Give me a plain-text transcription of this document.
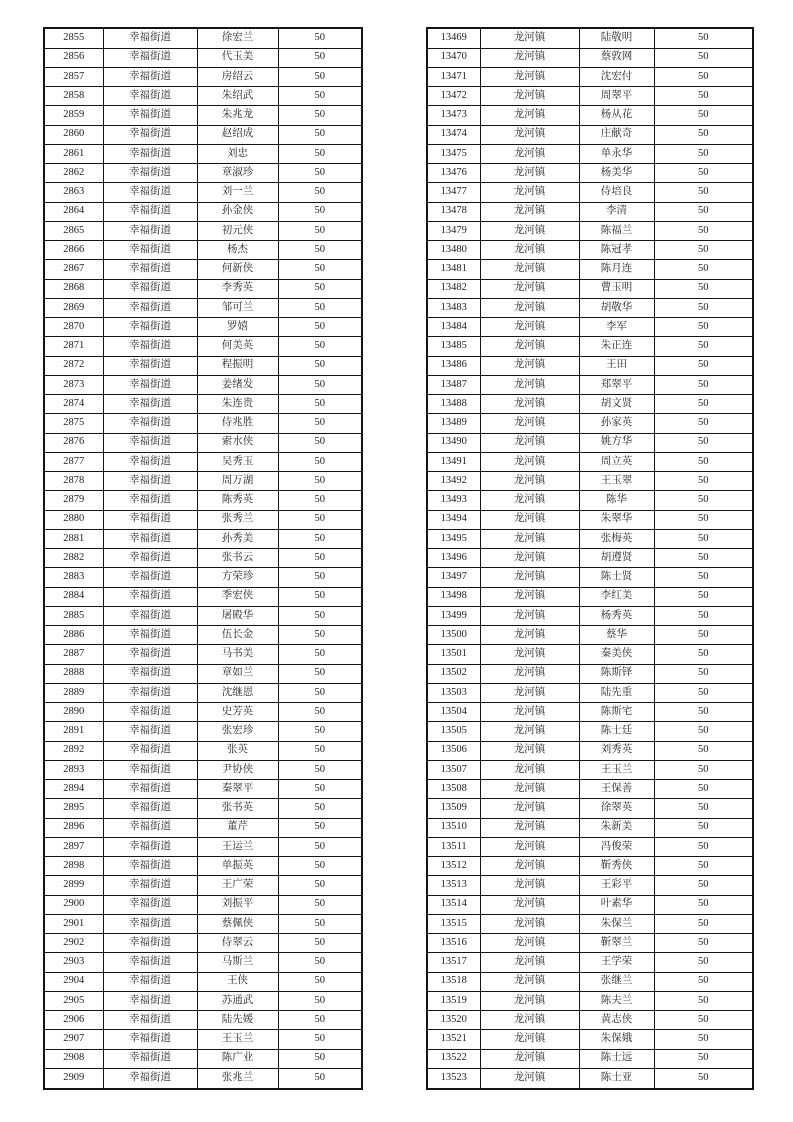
2855	幸福街道	徐宏兰	50
2856	幸福街道	代玉美	50
2857	幸福街道	房绍云	50
2858	幸福街道	朱绍武	50
2859	幸福街道	朱兆龙	50
2860	幸福街道	赵绍成	50
2861	幸福街道	刘忠	50
2862	幸福街道	章淑珍	50
2863	幸福街道	刘一兰	50
2864	幸福街道	孙金侠	50
2865	幸福街道	初元侠	50
2866	幸福街道	杨杰	50
2867	幸福街道	何新侠	50
2868	幸福街道	李秀英	50
2869	幸福街道	邹可兰	50
2870	幸福街道	罗嬉	50
2871	幸福街道	何美英	50
2872	幸福街道	程振明	50
2873	幸福街道	姜绪发	50
2874	幸福街道	朱连贵	50
2875	幸福街道	侍兆胜	50
2876	幸福街道	索水侠	50
2877	幸福街道	吴秀玉	50
2878	幸福街道	周万湖	50
2879	幸福街道	陈秀英	50
2880	幸福街道	张秀兰	50
2881	幸福街道	孙秀美	50
2882	幸福街道	张书云	50
2883	幸福街道	方荣珍	50
2884	幸福街道	季宏侠	50
2885	幸福街道	屠殿华	50
2886	幸福街道	伍长金	50
2887	幸福街道	马书美	50
2888	幸福街道	章如兰	50
2889	幸福街道	沈继恩	50
2890	幸福街道	史芳英	50
2891	幸福街道	张宏珍	50
2892	幸福街道	张英	50
2893	幸福街道	尹协侠	50
2894	幸福街道	秦翠平	50
2895	幸福街道	张书英	50
2896	幸福街道	董芹	50
2897	幸福街道	王运兰	50
2898	幸福街道	单振英	50
2899	幸福街道	王广荣	50
2900	幸福街道	刘振平	50
2901	幸福街道	蔡佩侠	50
2902	幸福街道	侍翠云	50
2903	幸福街道	马斯兰	50
2904	幸福街道	王侠	50
2905	幸福街道	苏通武	50
2906	幸福街道	陆先媛	50
2907	幸福街道	王玉兰	50
2908	幸福街道	陈广业	50
2909	幸福街道	张兆兰	50
13469	龙河镇	陆敬明	50
13470	龙河镇	蔡敦网	50
13471	龙河镇	沈宏付	50
13472	龙河镇	周翠平	50
13473	龙河镇	杨从花	50
13474	龙河镇	庄献奇	50
13475	龙河镇	单永华	50
13476	龙河镇	杨美华	50
13477	龙河镇	侍培良	50
13478	龙河镇	李清	50
13479	龙河镇	陈福兰	50
13480	龙河镇	陈冠孝	50
13481	龙河镇	陈月连	50
13482	龙河镇	曹玉明	50
13483	龙河镇	胡敬华	50
13484	龙河镇	李军	50
13485	龙河镇	朱正连	50
13486	龙河镇	王田	50
13487	龙河镇	郑翠平	50
13488	龙河镇	胡文贤	50
13489	龙河镇	孙家英	50
13490	龙河镇	姚方华	50
13491	龙河镇	周立英	50
13492	龙河镇	王玉翠	50
13493	龙河镇	陈华	50
13494	龙河镇	朱翠华	50
13495	龙河镇	张梅英	50
13496	龙河镇	胡遵贤	50
13497	龙河镇	陈士贤	50
13498	龙河镇	李红美	50
13499	龙河镇	杨秀英	50
13500	龙河镇	蔡华	50
13501	龙河镇	秦美侠	50
13502	龙河镇	陈斯铎	50
13503	龙河镇	陆先重	50
13504	龙河镇	陈斯宅	50
13505	龙河镇	陈士廷	50
13506	龙河镇	刘秀英	50
13507	龙河镇	王玉兰	50
13508	龙河镇	王保善	50
13509	龙河镇	徐翠英	50
13510	龙河镇	朱新美	50
13511	龙河镇	冯俊荣	50
13512	龙河镇	靳秀侠	50
13513	龙河镇	王彩平	50
13514	龙河镇	叶素华	50
13515	龙河镇	朱保兰	50
13516	龙河镇	靳翠兰	50
13517	龙河镇	王学荣	50
13518	龙河镇	张继兰	50
13519	龙河镇	陈夫兰	50
13520	龙河镇	黄志侠	50
13521	龙河镇	朱保娥	50
13522	龙河镇	陈士远	50
13523	龙河镇	陈士亚	50
